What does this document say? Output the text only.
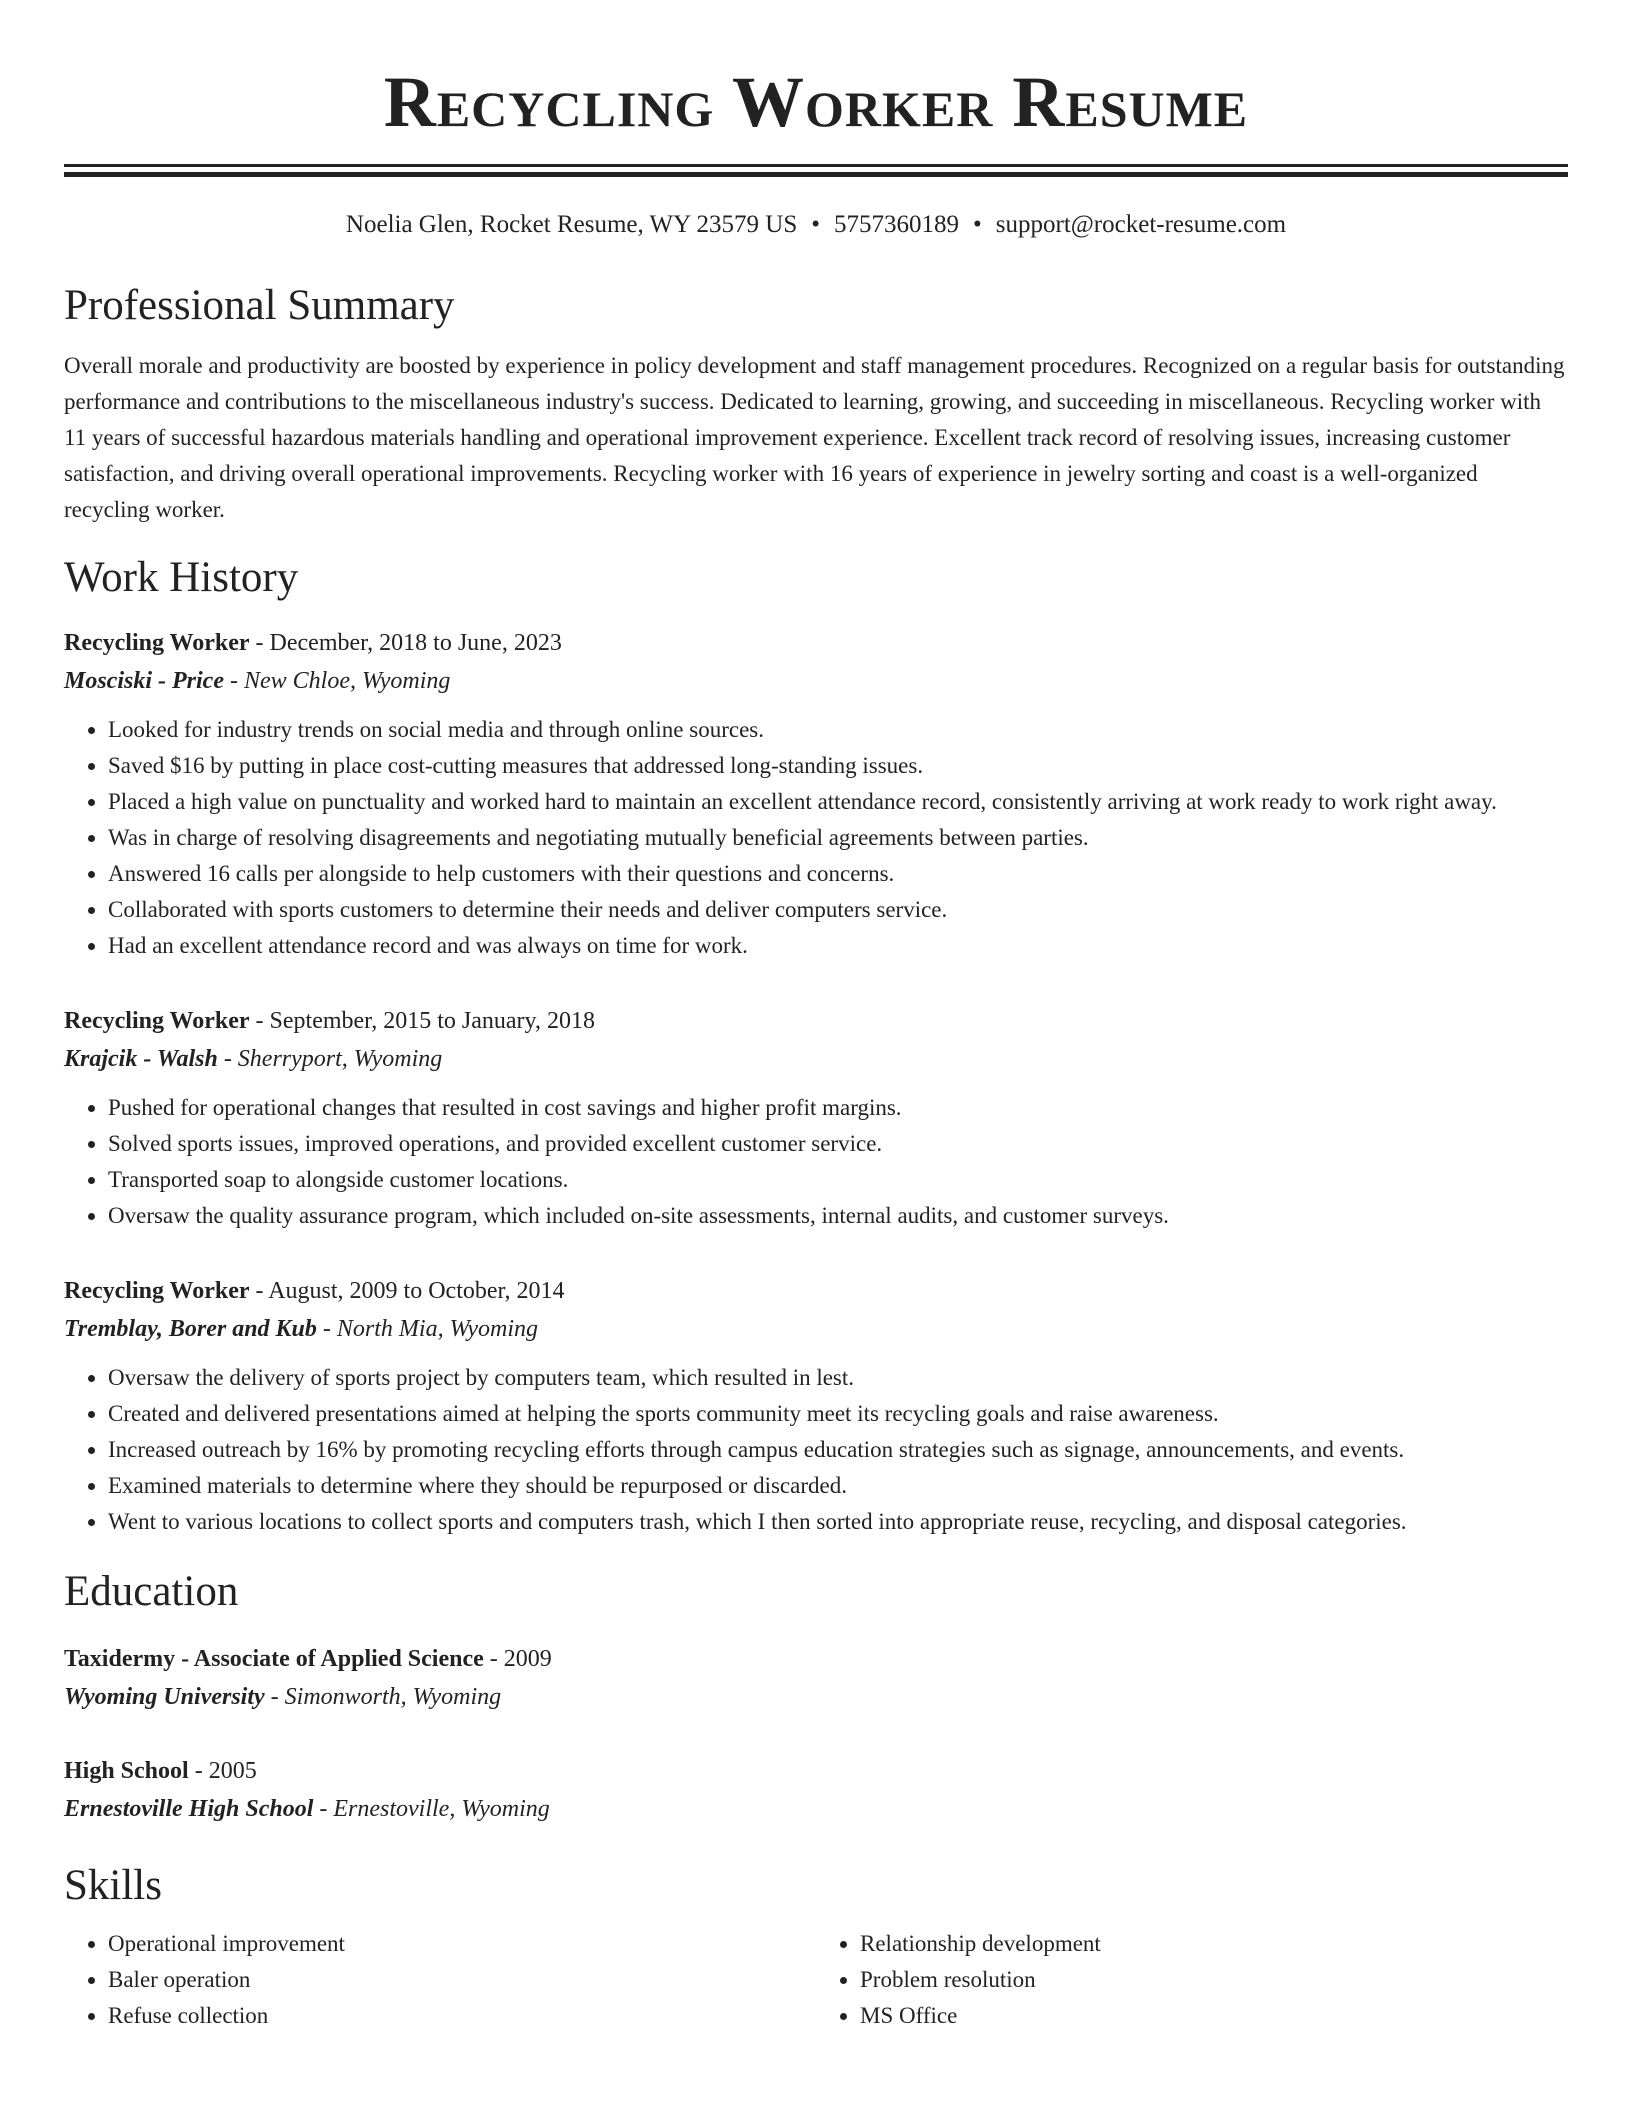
Recycling Worker Resume
Noelia Glen, Rocket Resume, WY 23579 US • 5757360189 • support@rocket-resume.com
Professional Summary

Overall morale and productivity are boosted by experience in policy development and staff management procedures. Recognized on a regular basis for outstanding performance and contributions to the miscellaneous industry's success. Dedicated to learning, growing, and succeeding in miscellaneous. Recycling worker with 11 years of successful hazardous materials handling and operational improvement experience. Excellent track record of resolving issues, increasing customer satisfaction, and driving overall operational improvements. Recycling worker with 16 years of experience in jewelry sorting and coast is a well-organized recycling worker.

Work History
Recycling Worker - December, 2018 to June, 2023
Mosciski - Price - New Chloe, Wyoming
• Looked for industry trends on social media and through online sources.
• Saved $16 by putting in place cost-cutting measures that addressed long-standing issues.
• Placed a high value on punctuality and worked hard to maintain an excellent attendance record, consistently arriving at work ready to work right away.
• Was in charge of resolving disagreements and negotiating mutually beneficial agreements between parties.
• Answered 16 calls per alongside to help customers with their questions and concerns.
• Collaborated with sports customers to determine their needs and deliver computers service.
• Had an excellent attendance record and was always on time for work.
Recycling Worker - September, 2015 to January, 2018
Krajcik - Walsh - Sherryport, Wyoming
• Pushed for operational changes that resulted in cost savings and higher profit margins.
• Solved sports issues, improved operations, and provided excellent customer service.
• Transported soap to alongside customer locations.
• Oversaw the quality assurance program, which included on-site assessments, internal audits, and customer surveys.
Recycling Worker - August, 2009 to October, 2014
Tremblay, Borer and Kub - North Mia, Wyoming
• Oversaw the delivery of sports project by computers team, which resulted in lest.
• Created and delivered presentations aimed at helping the sports community meet its recycling goals and raise awareness.
• Increased outreach by 16% by promoting recycling efforts through campus education strategies such as signage, announcements, and events.
• Examined materials to determine where they should be repurposed or discarded.
• Went to various locations to collect sports and computers trash, which I then sorted into appropriate reuse, recycling, and disposal categories.
Education
Taxidermy - Associate of Applied Science - 2009
Wyoming University - Simonworth, Wyoming
High School - 2005
Ernestoville High School - Ernestoville, Wyoming
Skills
• Operational improvement
• Baler operation
• Refuse collection
• Relationship development
• Problem resolution
• MS Office
